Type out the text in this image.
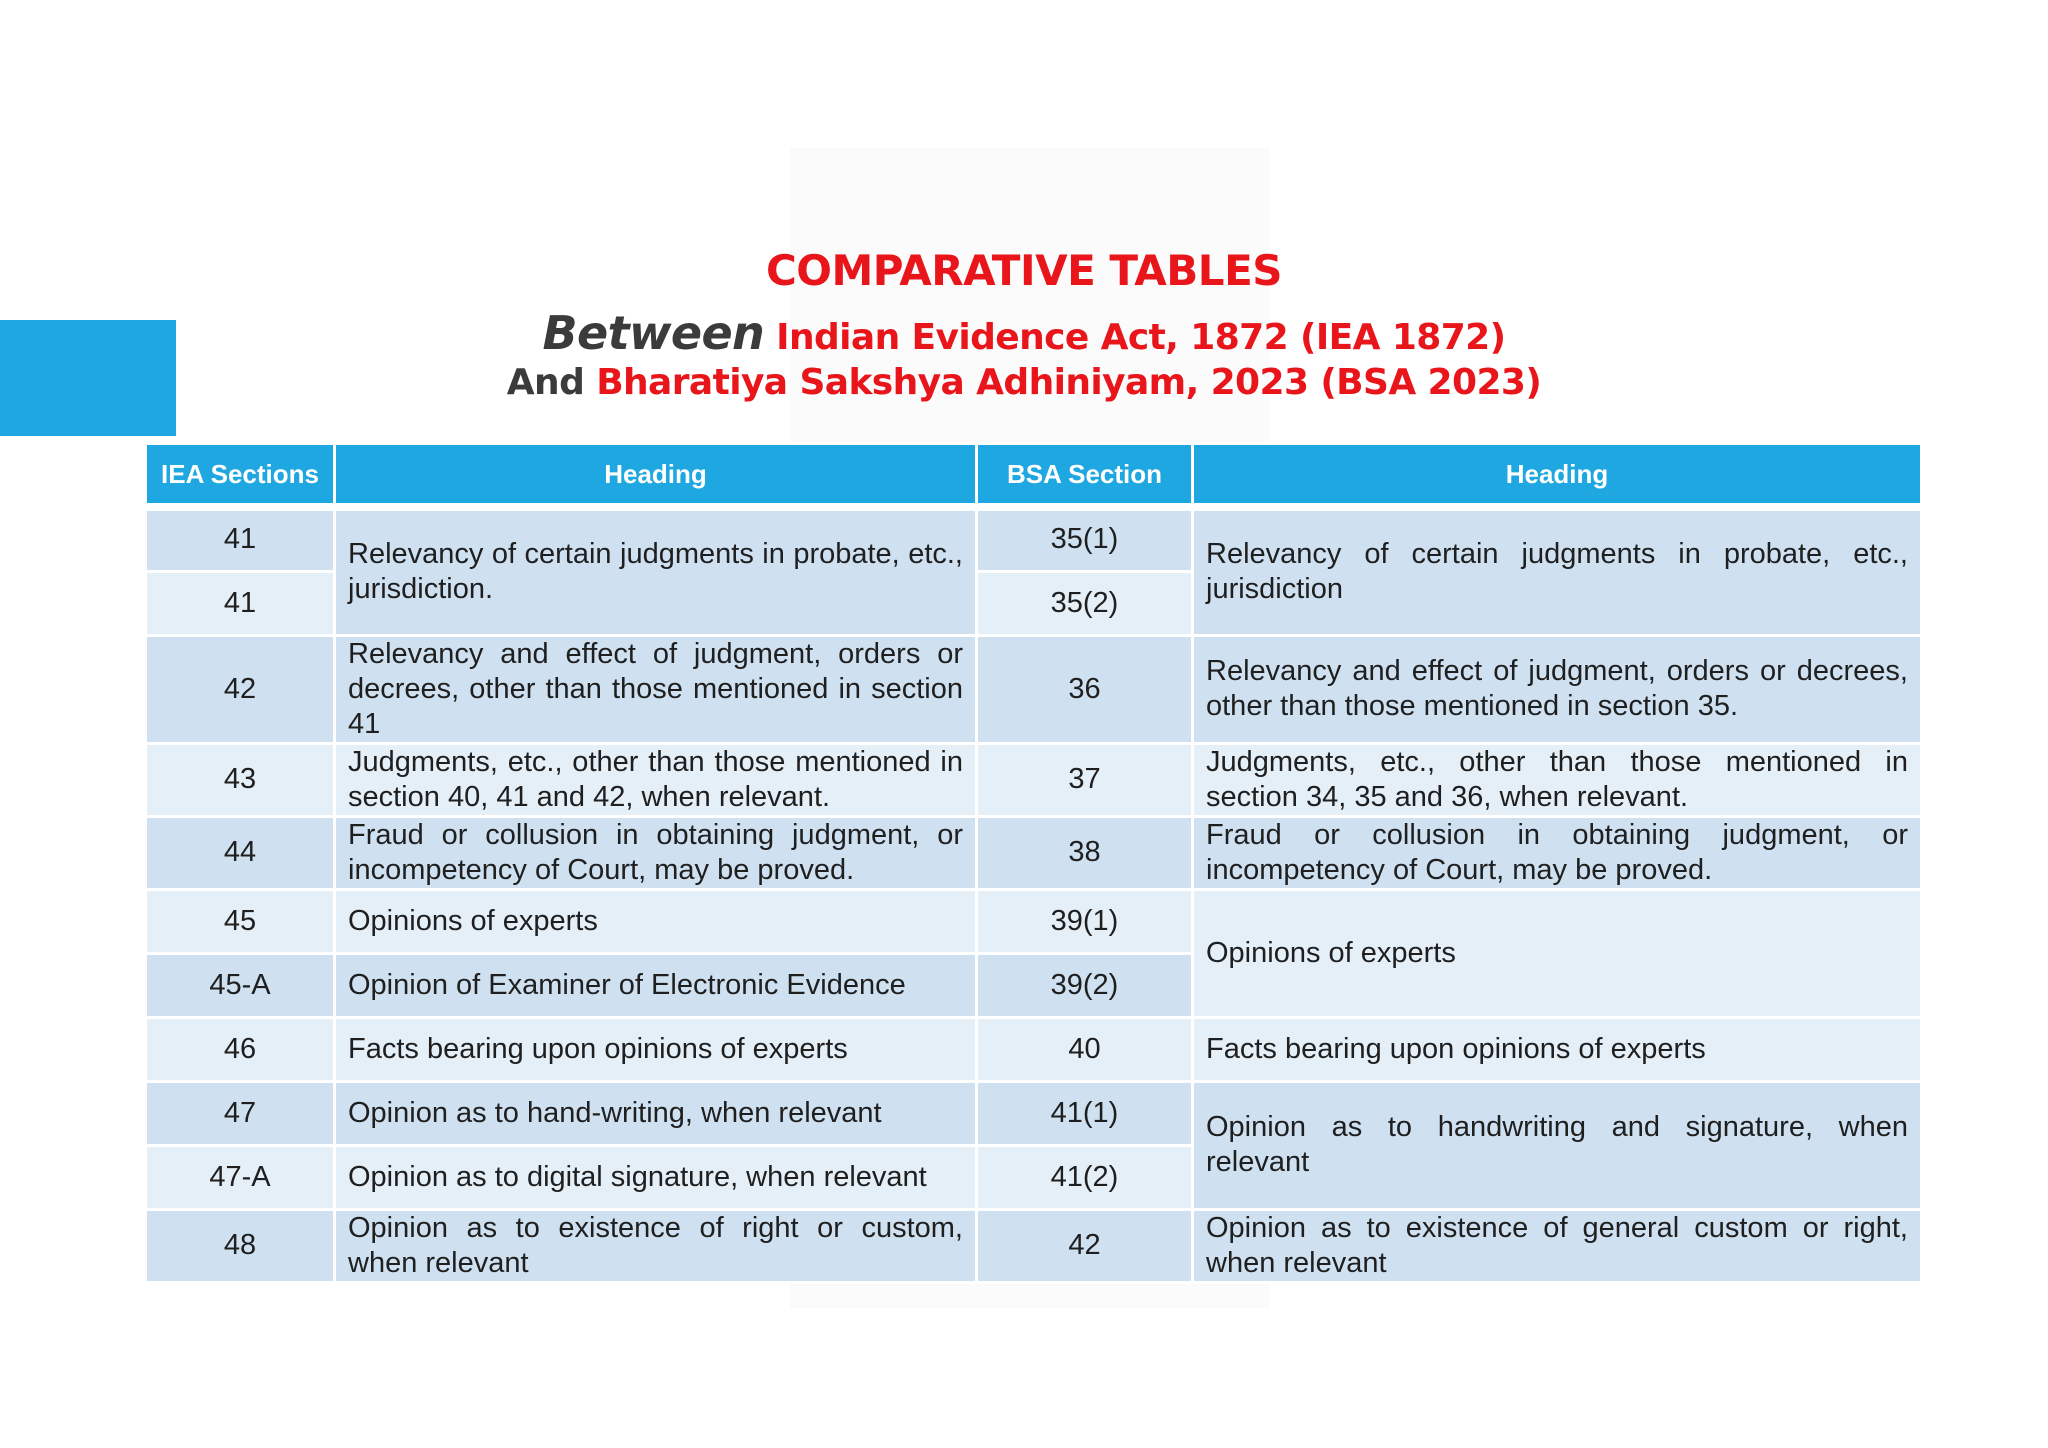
COMPARATIVE TABLES
Between Indian Evidence Act, 1872 (IEA 1872)
And Bharatiya Sakshya Adhiniyam, 2023 (BSA 2023)
IEA Sections	Heading	BSA Section	Heading
41	Relevancy of certain judgments in probate, etc., jurisdiction.	35(1)	Relevancy of certain judgments in probate, etc., jurisdiction
41		35(2)	
42	Relevancy and effect of judgment, orders or decrees, other than those mentioned in section 41	36	Relevancy and effect of judgment, orders or decrees, other than those mentioned in section 35.
43	Judgments, etc., other than those mentioned in section 40, 41 and 42, when relevant.	37	Judgments, etc., other than those mentioned in section 34, 35 and 36, when relevant.
44	Fraud or collusion in obtaining judgment, or incompetency of Court, may be proved.	38	Fraud or collusion in obtaining judgment, or incompetency of Court, may be proved.
45	Opinions of experts	39(1)	Opinions of experts
45-A	Opinion of Examiner of Electronic Evidence	39(2)	
46	Facts bearing upon opinions of experts	40	Facts bearing upon opinions of experts
47	Opinion as to hand-writing, when relevant	41(1)	Opinion as to handwriting and signature, when relevant
47-A	Opinion as to digital signature, when relevant	41(2)	
48	Opinion as to existence of right or custom, when relevant	42	Opinion as to existence of general custom or right, when relevant
